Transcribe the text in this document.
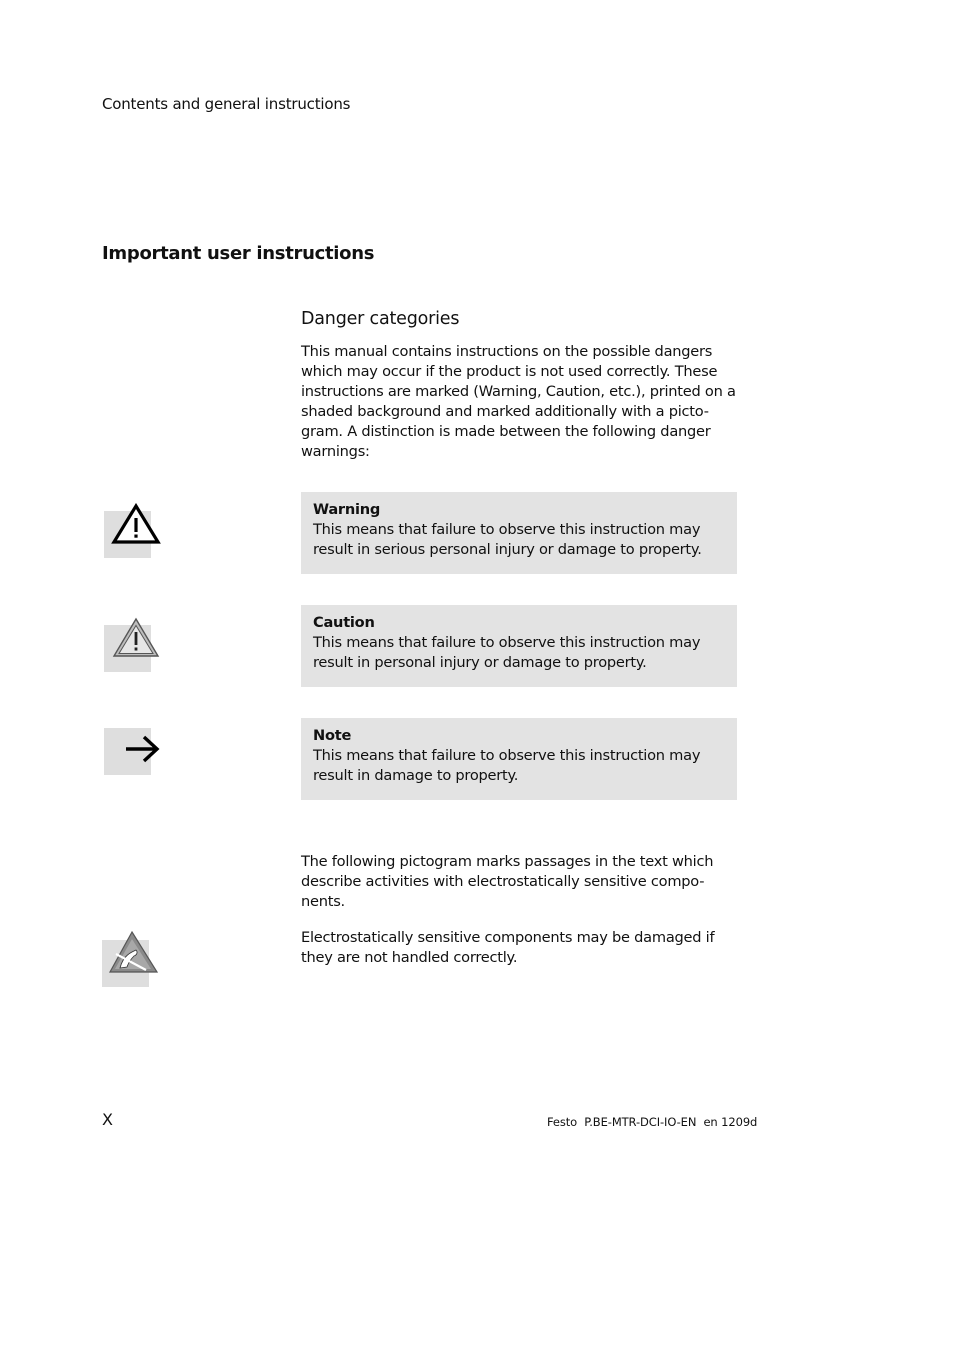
Contents and general instructions
Important user instructions
Danger categories
This manual contains instructions on the possible dangers
which may occur if the product is not used correctly. These
instructions are marked (Warning, Caution, etc.), printed on a
shaded background and marked additionally with a picto-
gram. A distinction is made between the following danger
warnings:
Warning
This means that failure to observe this instruction may
result in serious personal injury or damage to property.
Caution
This means that failure to observe this instruction may
result in personal injury or damage to property.
Note
This means that failure to observe this instruction may
result in damage to property.
The following pictogram marks passages in the text which
describe activities with electrostatically sensitive compo-
nents.
Electrostatically sensitive components may be damaged if
they are not handled correctly.
X	Festo  P.BE-MTR-DCI-IO-EN  en 1209d
